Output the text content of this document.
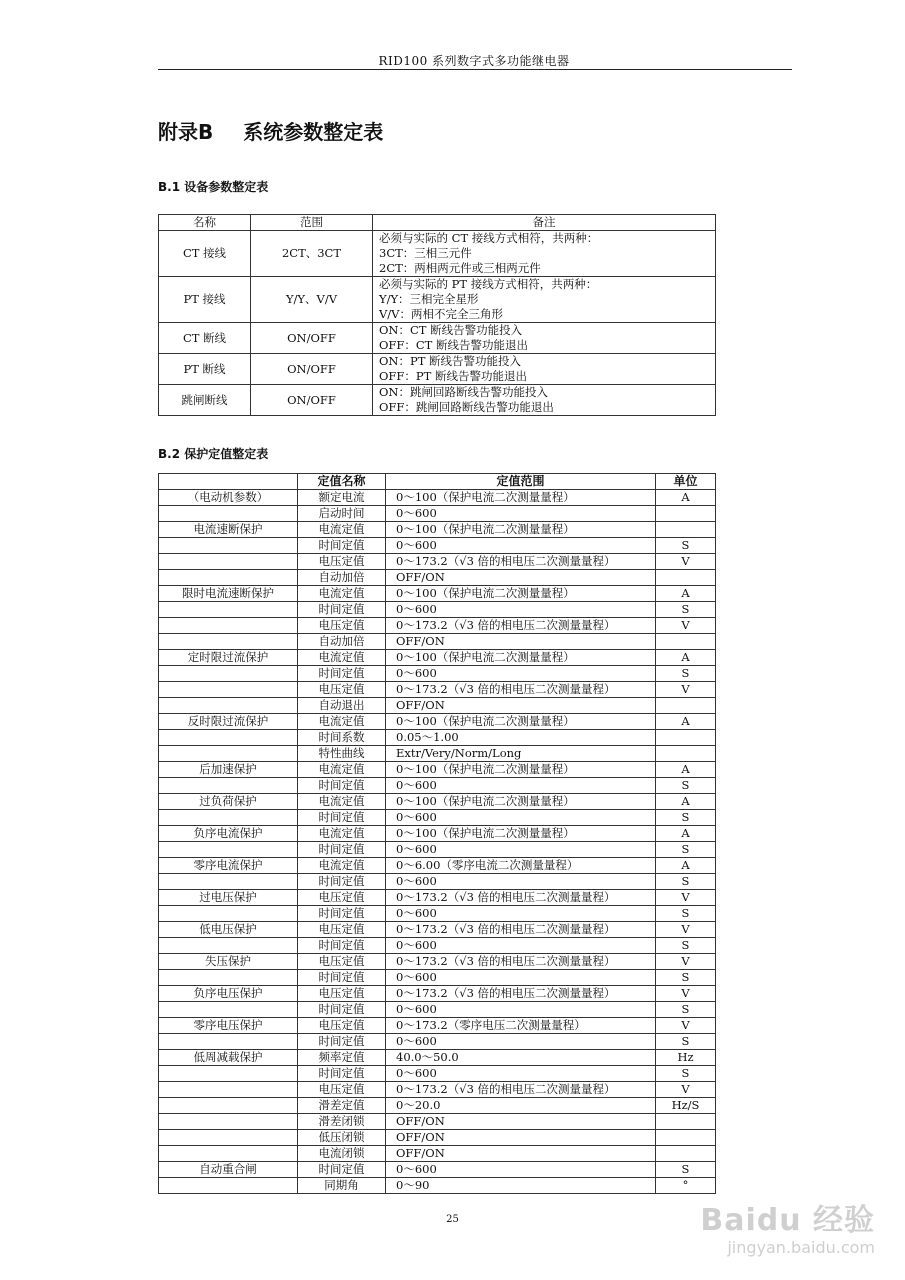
RID100 系列数字式多功能继电器
附录B 系统参数整定表
B.1 设备参数整定表
名称	范围	备注
CT 接线	2CT、3CT	必须与实际的 CT 接线方式相符，共两种：
3CT：三相三元件
2CT：两相两元件或三相两元件

PT 接线	Y/Y、V/V	必须与实际的 PT 接线方式相符，共两种：
Y/Y：三相完全星形
V/V：两相不完全三角形

CT 断线	ON/OFF	ON：CT 断线告警功能投入
OFF：CT 断线告警功能退出

PT 断线	ON/OFF	ON：PT 断线告警功能投入
OFF：PT 断线告警功能退出

跳闸断线	ON/OFF	ON：跳闸回路断线告警功能投入
OFF：跳闸回路断线告警功能退出
B.2 保护定值整定表
	定值名称	定值范围	单位
（电动机参数）	额定电流	0～100（保护电流二次测量量程）	A
	启动时间	0～600	
电流速断保护	电流定值	0～100（保护电流二次测量量程）	
	时间定值	0～600	S
	电压定值	0～173.2（√3 倍的相电压二次测量量程）	V
	自动加倍	OFF/ON	
限时电流速断保护	电流定值	0～100（保护电流二次测量量程）	A
	时间定值	0～600	S
	电压定值	0～173.2（√3 倍的相电压二次测量量程）	V
	自动加倍	OFF/ON	
定时限过流保护	电流定值	0～100（保护电流二次测量量程）	A
	时间定值	0～600	S
	电压定值	0～173.2（√3 倍的相电压二次测量量程）	V
	自动退出	OFF/ON	
反时限过流保护	电流定值	0～100（保护电流二次测量量程）	A
	时间系数	0.05～1.00	
	特性曲线	Extr/Very/Norm/Long	
后加速保护	电流定值	0～100（保护电流二次测量量程）	A
	时间定值	0～600	S
过负荷保护	电流定值	0～100（保护电流二次测量量程）	A
	时间定值	0～600	S
负序电流保护	电流定值	0～100（保护电流二次测量量程）	A
	时间定值	0～600	S
零序电流保护	电流定值	0～6.00（零序电流二次测量量程）	A
	时间定值	0～600	S
过电压保护	电压定值	0～173.2（√3 倍的相电压二次测量量程）	V
	时间定值	0～600	S
低电压保护	电压定值	0～173.2（√3 倍的相电压二次测量量程）	V
	时间定值	0～600	S
失压保护	电压定值	0～173.2（√3 倍的相电压二次测量量程）	V
	时间定值	0～600	S
负序电压保护	电压定值	0～173.2（√3 倍的相电压二次测量量程）	V
	时间定值	0～600	S
零序电压保护	电压定值	0～173.2（零序电压二次测量量程）	V
	时间定值	0～600	S
低周减载保护	频率定值	40.0～50.0	Hz
	时间定值	0～600	S
	电压定值	0～173.2（√3 倍的相电压二次测量量程）	V
	滑差定值	0～20.0	Hz/S
	滑差闭锁	OFF/ON	
	低压闭锁	OFF/ON	
	电流闭锁	OFF/ON	
自动重合闸	时间定值	0～600	S
	同期角	0～90	°
25	Baidu 经验
jingyan.baidu.com
